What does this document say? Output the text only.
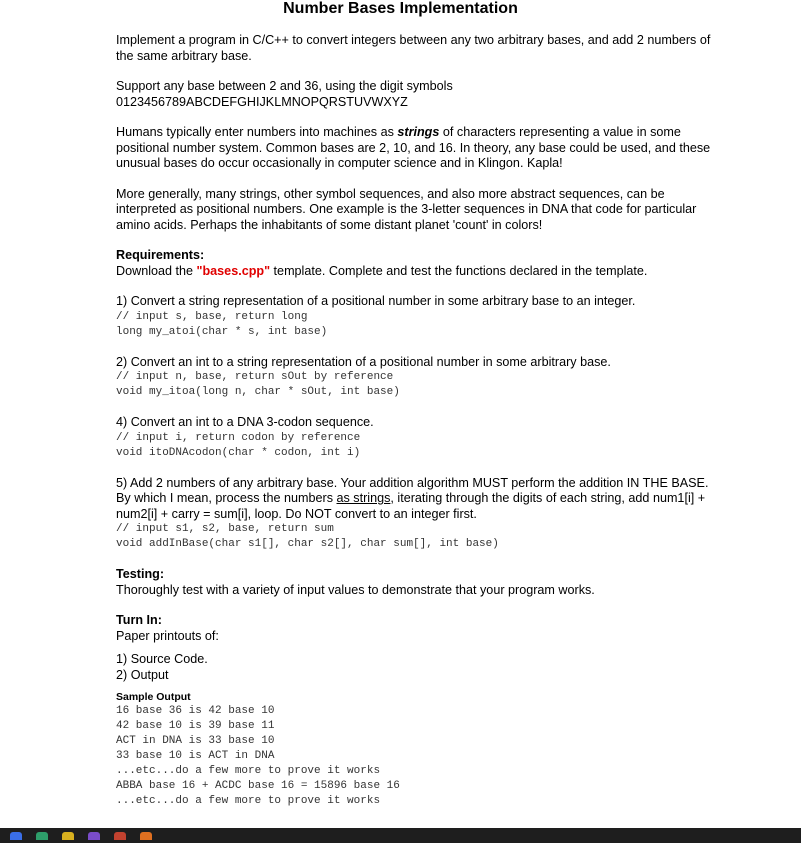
Number Bases Implementation
Implement a program in C/C++ to convert integers between any two arbitrary bases, and add 2 numbers of the same arbitrary base.
Support any base between 2 and 36, using the digit symbols
0123456789ABCDEFGHIJKLMNOPQRSTUVWXYZ
Humans typically enter numbers into machines as strings of characters representing a value in some positional number system. Common bases are 2, 10, and 16. In theory, any base could be used, and these unusual bases do occur occasionally in computer science and in Klingon. Kapla!
More generally, many strings, other symbol sequences, and also more abstract sequences, can be interpreted as positional numbers. One example is the 3-letter sequences in DNA that code for particular amino acids. Perhaps the inhabitants of some distant planet 'count' in colors!
Requirements:
Download the "bases.cpp" template. Complete and test the functions declared in the template.
1) Convert a string representation of a positional number in some arbitrary base to an integer.
// input s, base, return long
long my_atoi(char * s, int base)
2) Convert an int to a string representation of a positional number in some arbitrary base.
// input n, base, return sOut by reference
void my_itoa(long n, char * sOut, int base)
4) Convert an int to a DNA 3-codon sequence.
// input i, return codon by reference
void itoDNAcodon(char * codon, int i)
5) Add 2 numbers of any arbitrary base. Your addition algorithm MUST perform the addition IN THE BASE. By which I mean, process the numbers as strings, iterating through the digits of each string, add num1[i] + num2[i] + carry = sum[i], loop. Do NOT convert to an integer first.
// input s1, s2, base, return sum
void addInBase(char s1[], char s2[], char sum[], int base)
Testing:
Thoroughly test with a variety of input values to demonstrate that your program works.
Turn In:
Paper printouts of:
1) Source Code.
2) Output
Sample Output
16 base 36 is 42 base 10
42 base 10 is 39 base 11
ACT in DNA is 33 base 10
33 base 10 is ACT in DNA
...etc...do a few more to prove it works
ABBA base 16 + ACDC base 16 = 15896 base 16
...etc...do a few more to prove it works
